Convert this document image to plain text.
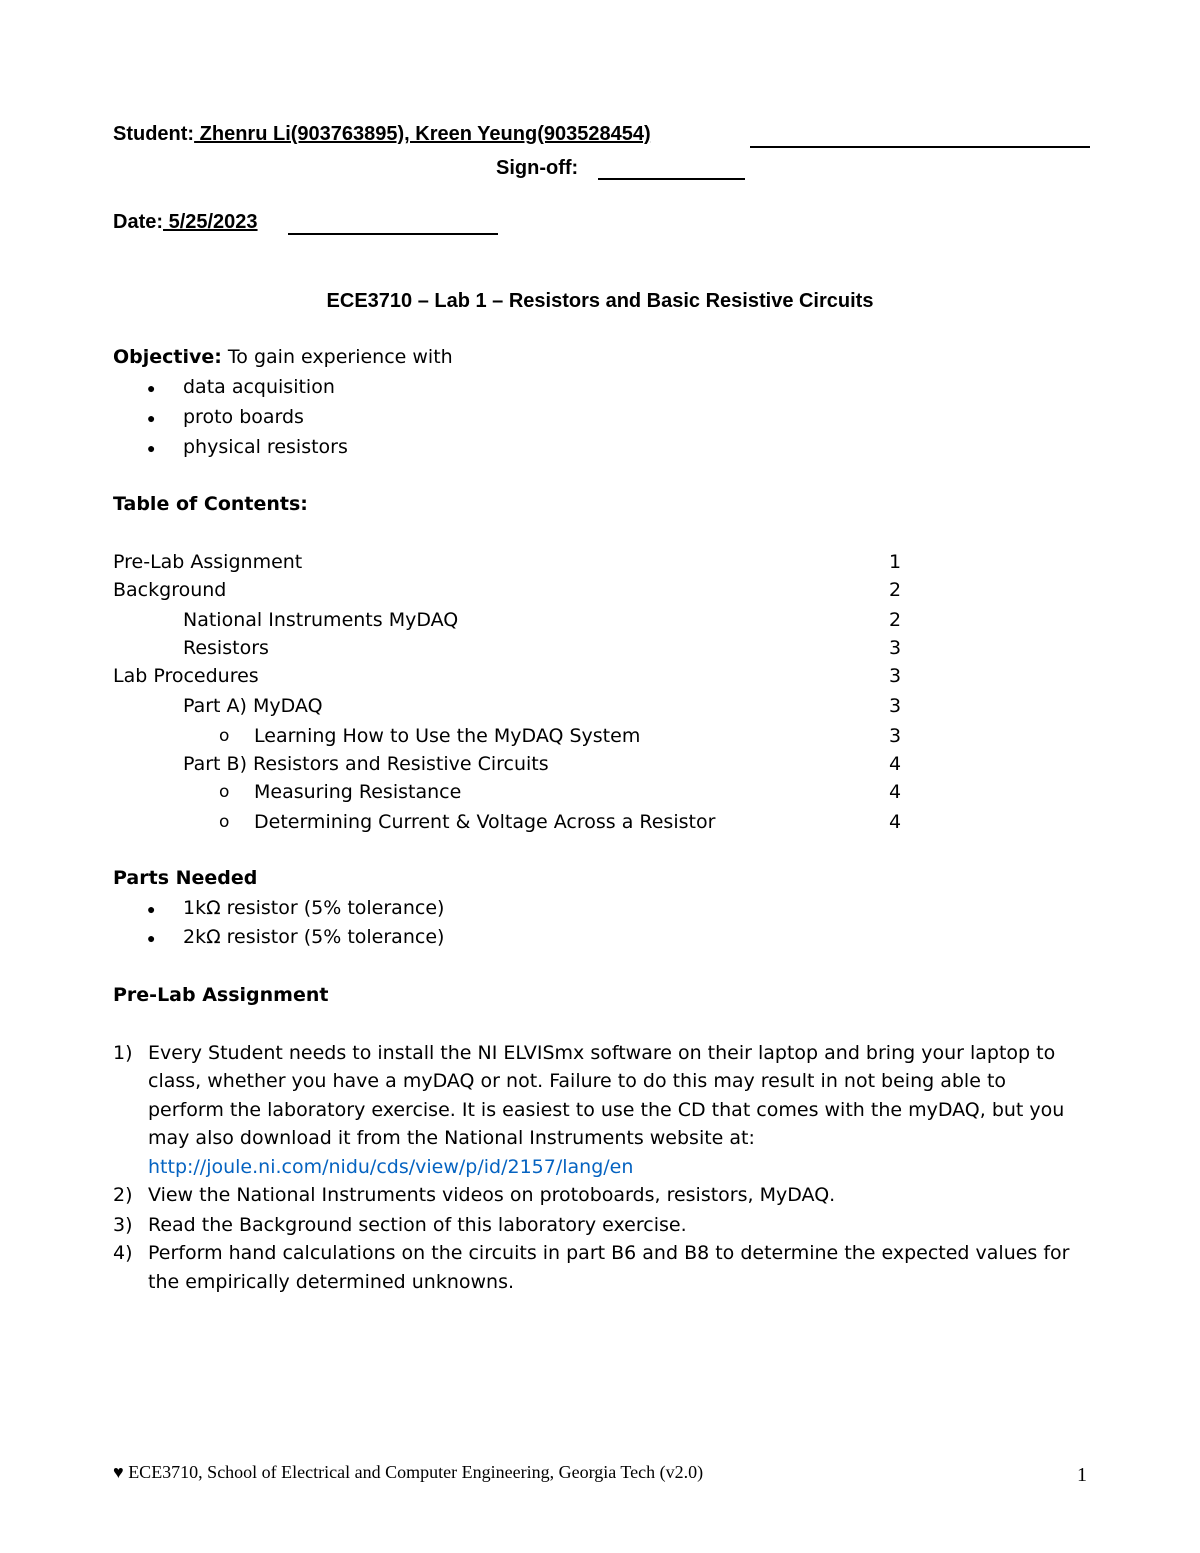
Student: Zhenru Li(903763895), Kreen Yeung(903528454)
Sign-off:
Date: 5/25/2023
ECE3710 – Lab 1 – Resistors and Basic Resistive Circuits
Objective: To gain experience with
● data acquisition
● proto boards
● physical resistors
Table of Contents:
Pre-Lab Assignment	1
Background	2
National Instruments MyDAQ	2
Resistors	3
Lab Procedures	3
Part A) MyDAQ	3
o Learning How to Use the MyDAQ System	3
Part B) Resistors and Resistive Circuits	4
o Measuring Resistance	4
o Determining Current & Voltage Across a Resistor	4
Parts Needed
● 1kΩ resistor (5% tolerance)
● 2kΩ resistor (5% tolerance)
Pre-Lab Assignment
1) Every Student needs to install the NI ELVISmx software on their laptop and bring your laptop to
class, whether you have a myDAQ or not. Failure to do this may result in not being able to
perform the laboratory exercise. It is easiest to use the CD that comes with the myDAQ, but you
may also download it from the National Instruments website at:
http://joule.ni.com/nidu/cds/view/p/id/2157/lang/en
2) View the National Instruments videos on protoboards, resistors, MyDAQ.
3) Read the Background section of this laboratory exercise.
4) Perform hand calculations on the circuits in part B6 and B8 to determine the expected values for
the empirically determined unknowns.
♥ ECE3710, School of Electrical and Computer Engineering, Georgia Tech (v2.0)	1
